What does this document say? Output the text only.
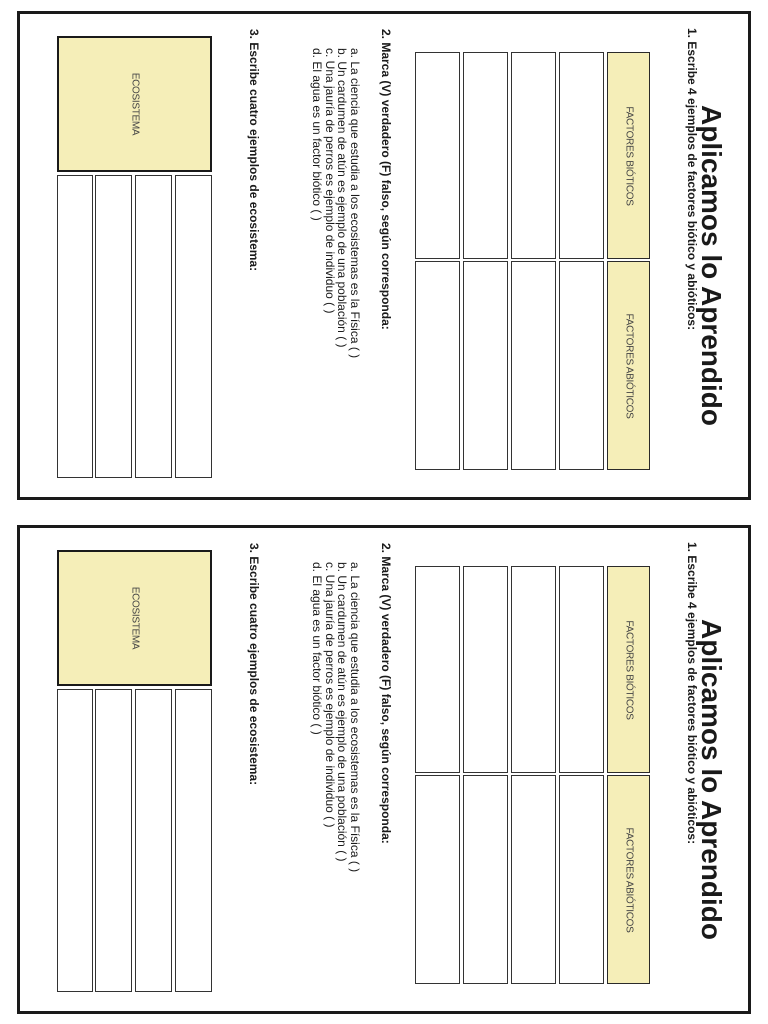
Aplicamos lo Aprendido
1. Escribe 4 ejemplos de factores biótico y abióticos:
FACTORES BIÓTICOS
FACTORES ABIÓTICOS
2. Marca (V) verdadero (F) falso, según corresponda:
a. La ciencia que estudia a los ecosistemas es la Física ( )
b. Un cardumen de atún es ejemplo de una población ( )
c. Una jauría de perros es ejemplo de individuo ( )
d. El agua es un factor biótico ( )
3. Escribe cuatro ejemplos de ecosistema:
ECOSISTEMA
Aplicamos lo Aprendido
1. Escribe 4 ejemplos de factores biótico y abióticos:
FACTORES BIÓTICOS
FACTORES ABIÓTICOS
2. Marca (V) verdadero (F) falso, según corresponda:
a. La ciencia que estudia a los ecosistemas es la Física ( )
b. Un cardumen de atún es ejemplo de una población ( )
c. Una jauría de perros es ejemplo de individuo ( )
d. El agua es un factor biótico ( )
3. Escribe cuatro ejemplos de ecosistema:
ECOSISTEMA
